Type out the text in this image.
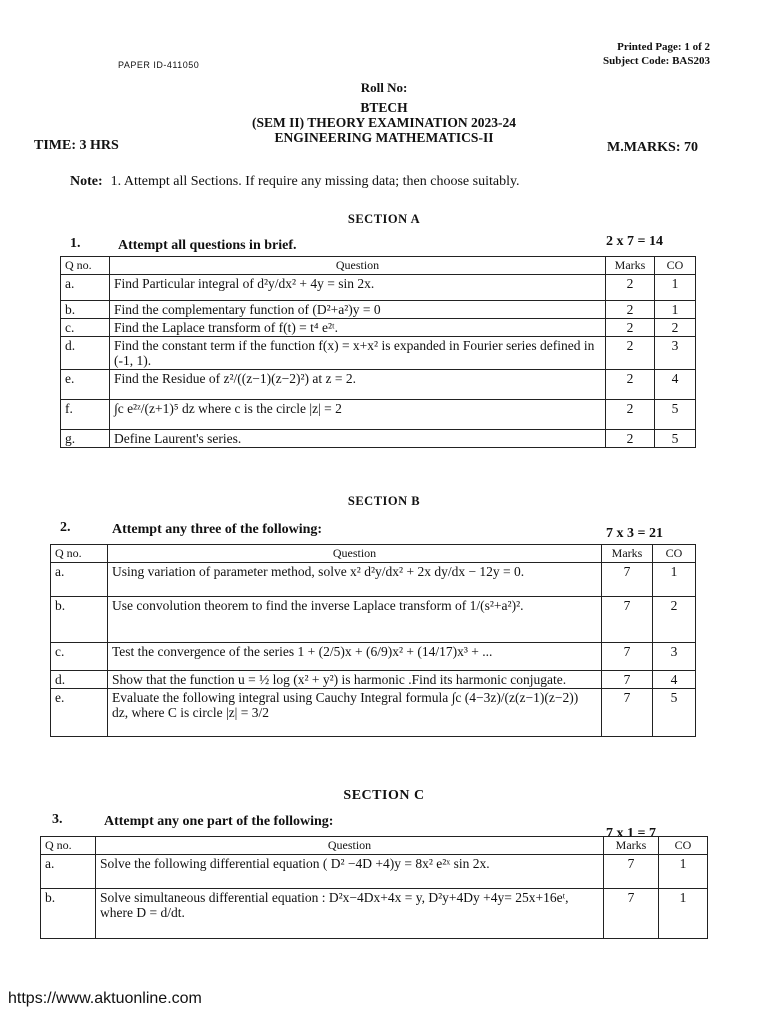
PAPER ID-411050
Printed Page: 1 of 2
Subject Code: BAS203
Roll No:
BTECH
(SEM II) THEORY EXAMINATION 2023-24
ENGINEERING MATHEMATICS-II
TIME: 3 HRS	M.MARKS: 70
Note: 1. Attempt all Sections. If require any missing data; then choose suitably.
SECTION A
1.	Attempt all questions in brief.	2 x 7 = 14
Q no.	Question	Marks	CO
a.	Find Particular integral of d²y/dx² + 4y = sin 2x.	2	1
b.	Find the complementary function of (D²+a²)y = 0	2	1
c.	Find the Laplace transform of f(t) = t⁴ e²ᵗ.	2	2
d.	Find the constant term if the function f(x) = x+x² is expanded in Fourier series defined in (-1, 1).	2	3
e.	Find the Residue of z²/((z−1)(z−2)²) at z = 2.	2	4
f.	∫c e²ᶻ/(z+1)⁵ dz where c is the circle |z| = 2	2	5
g.	Define Laurent's series.	2	5
SECTION B
2.	Attempt any three of the following:	7 x 3 = 21
Q no.	Question	Marks	CO
a.	Using variation of parameter method, solve x² d²y/dx² + 2x dy/dx − 12y = 0.	7	1
b.	Use convolution theorem to find the inverse Laplace transform of 1/(s²+a²)².	7	2
c.	Test the convergence of the series 1 + (2/5)x + (6/9)x² + (14/17)x³ + ...	7	3
d.	Show that the function u = ½ log (x² + y²) is harmonic .Find its harmonic conjugate.	7	4
e.	Evaluate the following integral using Cauchy Integral formula ∫c (4−3z)/(z(z−1)(z−2)) dz, where C is circle |z| = 3/2	7	5
SECTION C
3.	Attempt any one part of the following:
7 x 1 = 7
Q no.	Question	Marks	CO
a.	Solve the following differential equation ( D² −4D +4)y = 8x² e²ˣ sin 2x.	7	1
b.	Solve simultaneous differential equation : D²x−4Dx+4x = y, D²y+4Dy +4y= 25x+16eᵗ, where D = d/dt.	7	1
https://www.aktuonline.com
